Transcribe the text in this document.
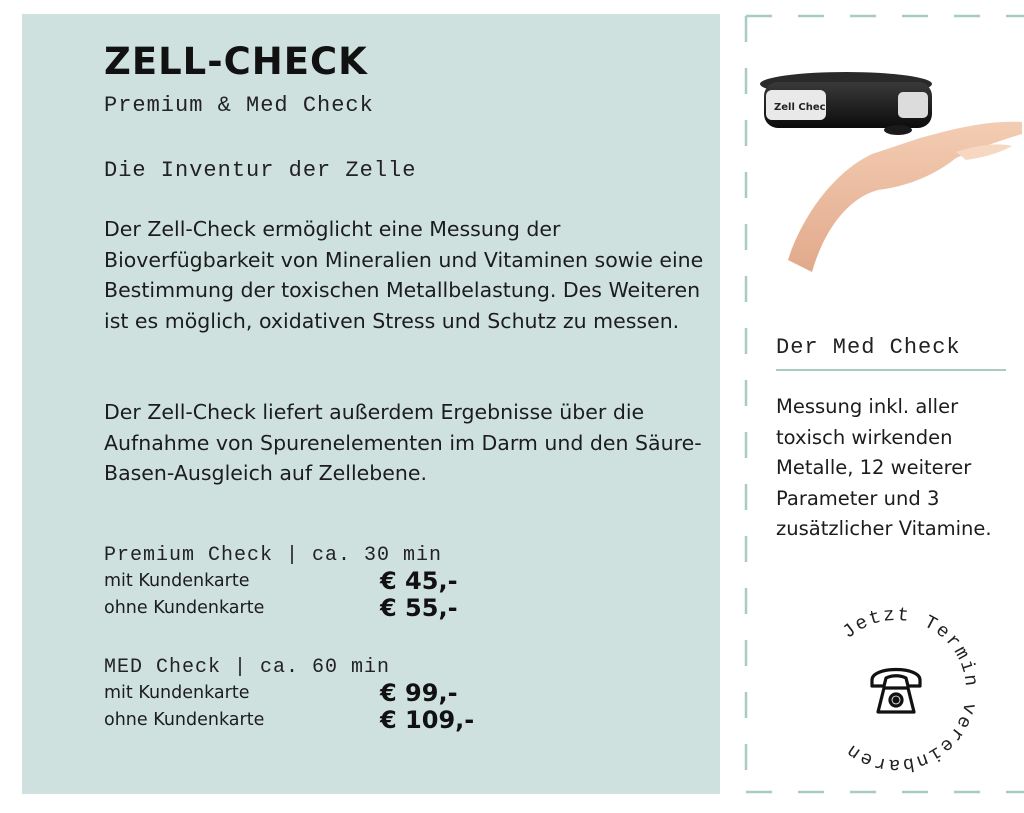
ZELL-CHECK
Premium & Med Check
Die Inventur der Zelle

Der Zell-Check ermöglicht eine Messung der Bioverfügbarkeit von Mineralien und Vitaminen sowie eine Bestimmung der toxischen Metallbelastung. Des Weiteren ist es möglich, oxidativen Stress und Schutz zu messen.

Der Zell-Check liefert außerdem Ergebnisse über die Aufnahme von Spurenelementen im Darm und den Säure-Basen-Ausgleich auf Zellebene.

Premium Check | ca. 30 min
mit Kundenkarte	€ 45,-
ohne Kundenkarte	€ 55,-
MED Check | ca. 60 min
mit Kundenkarte	€ 99,-
ohne Kundenkarte	€ 109,-
Zell Check
Der Med Check

Messung inkl. aller toxisch wirkenden Metalle, 12 weiterer Parameter und 3 zusätzlicher Vitamine.

Jetzt Termin vereinbaren
